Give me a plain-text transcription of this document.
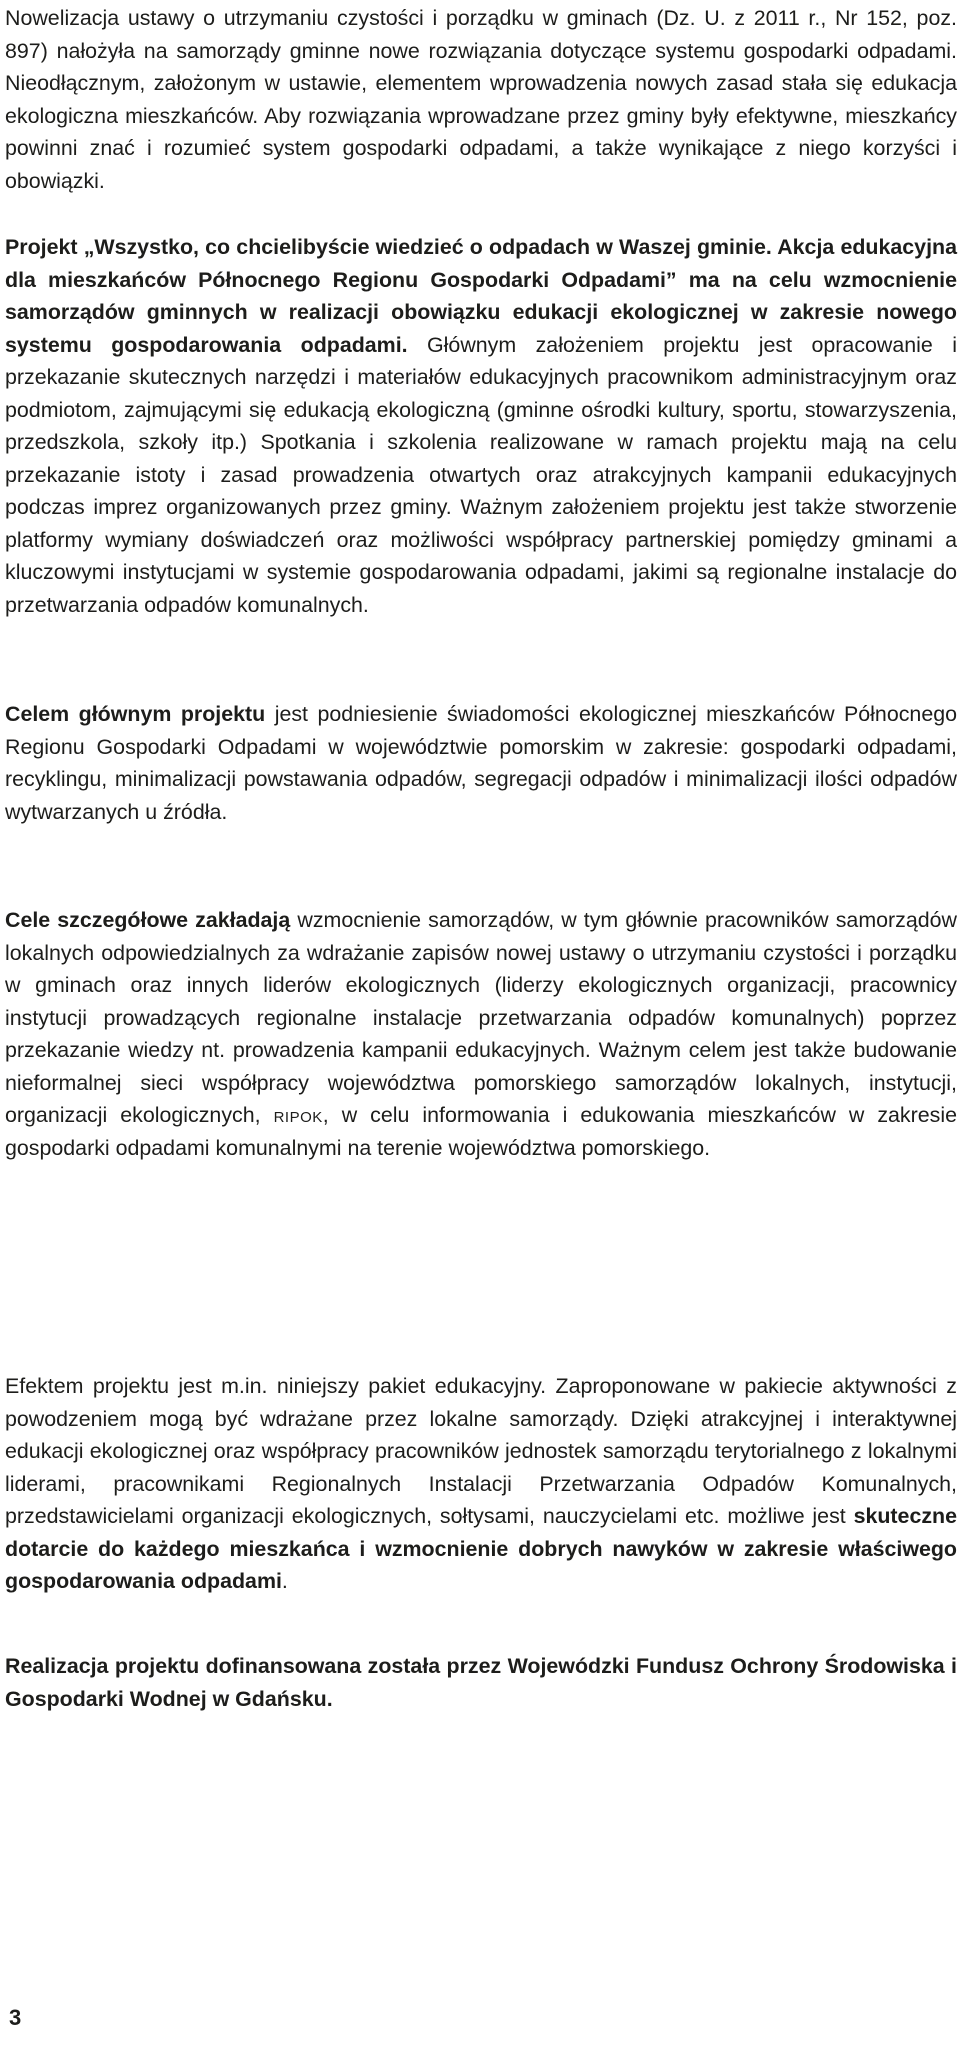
Nowelizacja ustawy o utrzymaniu czystości i porządku w gminach (Dz. U. z 2011 r., Nr 152, poz. 897) nałożyła na samorządy gminne nowe rozwiązania dotyczące systemu gospodarki odpadami. Nieodłącznym, założonym w ustawie, elementem wprowadzenia nowych zasad stała się edukacja ekologiczna mieszkańców. Aby rozwiązania wprowadzane przez gminy były efektywne, mieszkańcy powinni znać i rozumieć system gospodarki odpadami, a także wynikające z niego korzyści i obowiązki.

Projekt „Wszystko, co chcielibyście wiedzieć o odpadach w Waszej gminie. Akcja edukacyjna dla mieszkańców Północnego Regionu Gospodarki Odpadami” ma na celu wzmocnienie samorządów gminnych w realizacji obowiązku edukacji ekologicznej w zakresie nowego systemu gospodarowania odpadami. Głównym założeniem projektu jest opracowanie i przekazanie skutecznych narzędzi i materiałów edukacyjnych pracownikom administracyjnym oraz podmiotom, zajmującymi się edukacją ekologiczną (gminne ośrodki kultury, sportu, stowarzyszenia, przedszkola, szkoły itp.) Spotkania i szkolenia realizowane w ramach projektu mają na celu przekazanie istoty i zasad prowadzenia otwartych oraz atrakcyjnych kampanii edukacyjnych podczas imprez organizowanych przez gminy. Ważnym założeniem projektu jest także stworzenie platformy wymiany doświadczeń oraz możliwości współpracy partnerskiej pomiędzy gminami a kluczowymi instytucjami w systemie gospodarowania odpadami, jakimi są regionalne instalacje do przetwarzania odpadów komunalnych.

Celem głównym projektu jest podniesienie świadomości ekologicznej mieszkańców Północnego Regionu Gospodarki Odpadami w województwie pomorskim w zakresie: gospodarki odpadami, recyklingu, minimalizacji powstawania odpadów, segregacji odpadów i minimalizacji ilości odpadów wytwarzanych u źródła.

Cele szczegółowe zakładają wzmocnienie samorządów, w tym głównie pracowników samorządów lokalnych odpowiedzialnych za wdrażanie zapisów nowej ustawy o utrzymaniu czystości i porządku w gminach oraz innych liderów ekologicznych (liderzy ekologicznych organizacji, pracownicy instytucji prowadzących regionalne instalacje przetwarzania odpadów komunalnych) poprzez przekazanie wiedzy nt. prowadzenia kampanii edukacyjnych. Ważnym celem jest także budowanie nieformalnej sieci współpracy województwa pomorskiego samorządów lokalnych, instytucji, organizacji ekologicznych, ripok, w celu informowania i edukowania mieszkańców w zakresie gospodarki odpadami komunalnymi na terenie województwa pomorskiego.

Efektem projektu jest m.in. niniejszy pakiet edukacyjny. Zaproponowane w pakiecie aktywności z powodzeniem mogą być wdrażane przez lokalne samorządy. Dzięki atrakcyjnej i interaktywnej edukacji ekologicznej oraz współpracy pracowników jednostek samorządu terytorialnego z lokalnymi liderami, pracownikami Regionalnych Instalacji Przetwarzania Odpadów Komunalnych, przedstawicielami organizacji ekologicznych, sołtysami, nauczycielami etc. możliwe jest skuteczne dotarcie do każdego mieszkańca i wzmocnienie dobrych nawyków w zakresie właściwego gospodarowania odpadami.

Realizacja projektu dofinansowana została przez Wojewódzki Fundusz Ochrony Środowiska i Gospodarki Wodnej w Gdańsku.

3
